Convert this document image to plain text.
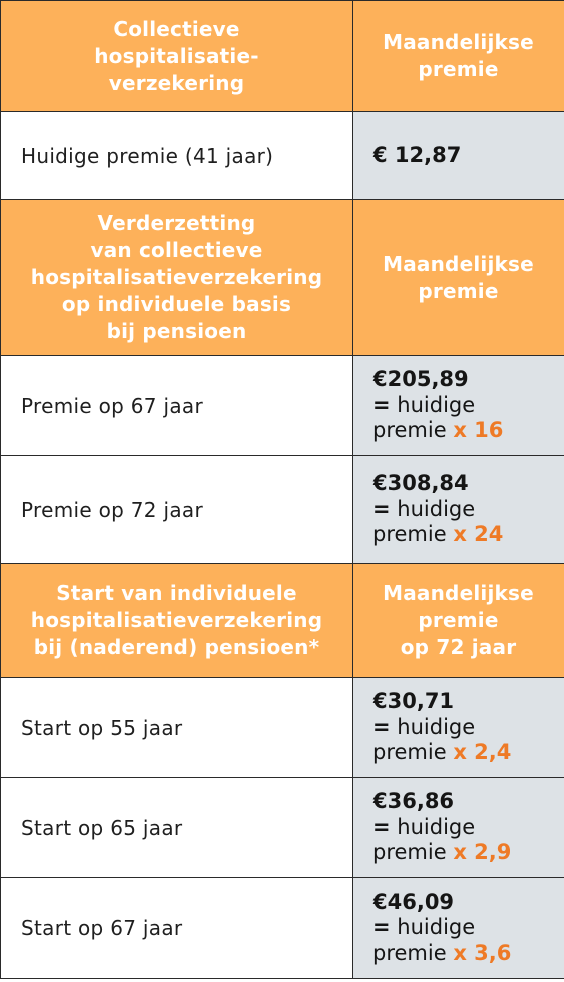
Collectieve
hospitalisatie-
verzekering	Maandelijkse
premie
Huidige premie (41 jaar)	€ 12,87

Verderzetting
van collectieve
hospitalisatieverzekering
op individuele basis
bij pensioen	Maandelijkse
premie
Premie op 67 jaar	€205,89
= huidige
premie x 16

Premie op 72 jaar	€308,84
= huidige
premie x 24

Start van individuele
hospitalisatieverzekering
bij (naderend) pensioen*	Maandelijkse
premie
op 72 jaar
Start op 55 jaar	€30,71
= huidige
premie x 2,4

Start op 65 jaar	€36,86
= huidige
premie x 2,9

Start op 67 jaar	€46,09
= huidige
premie x 3,6
